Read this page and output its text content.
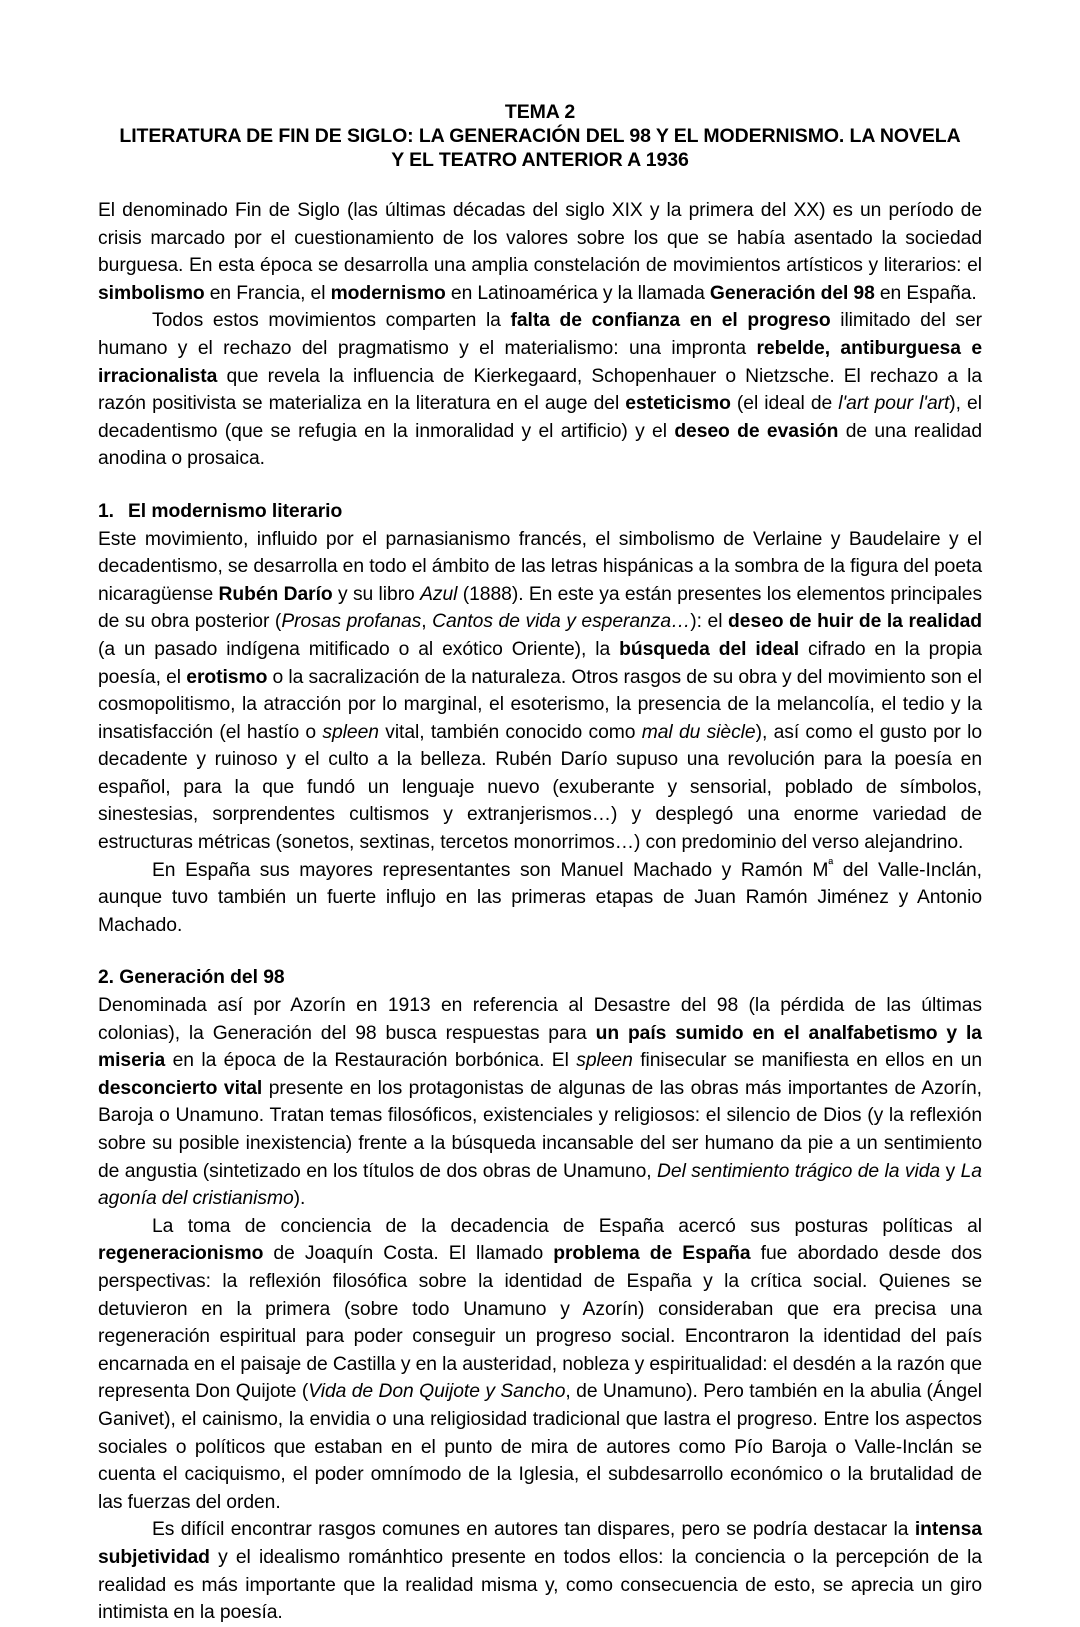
TEMA 2
LITERATURA DE FIN DE SIGLO: LA GENERACIÓN DEL 98 Y EL MODERNISMO. LA NOVELA
Y EL TEATRO ANTERIOR A 1936

El denominado Fin de Siglo (las últimas décadas del siglo XIX y la primera del XX) es un período de crisis marcado por el cuestionamiento de los valores sobre los que se había asentado la sociedad burguesa. En esta época se desarrolla una amplia constelación de movimientos artísticos y literarios: el simbolismo en Francia, el modernismo en Latinoamérica y la llamada Generación del 98 en España.

Todos estos movimientos comparten la falta de confianza en el progreso ilimitado del ser humano y el rechazo del pragmatismo y el materialismo: una impronta rebelde, antiburguesa e irracionalista que revela la influencia de Kierkegaard, Schopenhauer o Nietzsche. El rechazo a la razón positivista se materializa en la literatura en el auge del esteticismo (el ideal de l'art pour l'art), el decadentismo (que se refugia en la inmoralidad y el artificio) y el deseo de evasión de una realidad anodina o prosaica.

1. El modernismo literario

Este movimiento, influido por el parnasianismo francés, el simbolismo de Verlaine y Baudelaire y el decadentismo, se desarrolla en todo el ámbito de las letras hispánicas a la sombra de la figura del poeta nicaragüense Rubén Darío y su libro Azul (1888). En este ya están presentes los elementos principales de su obra posterior (Prosas profanas, Cantos de vida y esperanza…): el deseo de huir de la realidad (a un pasado indígena mitificado o al exótico Oriente), la búsqueda del ideal cifrado en la propia poesía, el erotismo o la sacralización de la naturaleza. Otros rasgos de su obra y del movimiento son el cosmopolitismo, la atracción por lo marginal, el esoterismo, la presencia de la melancolía, el tedio y la insatisfacción (el hastío o spleen vital, también conocido como mal du siècle), así como el gusto por lo decadente y ruinoso y el culto a la belleza. Rubén Darío supuso una revolución para la poesía en español, para la que fundó un lenguaje nuevo (exuberante y sensorial, poblado de símbolos, sinestesias, sorprendentes cultismos y extranjerismos…) y desplegó una enorme variedad de estructuras métricas (sonetos, sextinas, tercetos monorrimos…) con predominio del verso alejandrino.

En España sus mayores representantes son Manuel Machado y Ramón $M^ª$ del Valle-Inclán, aunque tuvo también un fuerte influjo en las primeras etapas de Juan Ramón Jiménez y Antonio Machado.

2. Generación del 98

Denominada así por Azorín en 1913 en referencia al Desastre del 98 (la pérdida de las últimas colonias), la Generación del 98 busca respuestas para un país sumido en el analfabetismo y la miseria en la época de la Restauración borbónica. El spleen finisecular se manifiesta en ellos en un desconcierto vital presente en los protagonistas de algunas de las obras más importantes de Azorín, Baroja o Unamuno. Tratan temas filosóficos, existenciales y religiosos: el silencio de Dios (y la reflexión sobre su posible inexistencia) frente a la búsqueda incansable del ser humano da pie a un sentimiento de angustia (sintetizado en los títulos de dos obras de Unamuno, Del sentimiento trágico de la vida y La agonía del cristianismo).

La toma de conciencia de la decadencia de España acercó sus posturas políticas al regeneracionismo de Joaquín Costa. El llamado problema de España fue abordado desde dos perspectivas: la reflexión filosófica sobre la identidad de España y la crítica social. Quienes se detuvieron en la primera (sobre todo Unamuno y Azorín) consideraban que era precisa una regeneración espiritual para poder conseguir un progreso social. Encontraron la identidad del país encarnada en el paisaje de Castilla y en la austeridad, nobleza y espiritualidad: el desdén a la razón que representa Don Quijote (Vida de Don Quijote y Sancho, de Unamuno). Pero también en la abulia (Ángel Ganivet), el cainismo, la envidia o una religiosidad tradicional que lastra el progreso. Entre los aspectos sociales o políticos que estaban en el punto de mira de autores como Pío Baroja o Valle-Inclán se cuenta el caciquismo, el poder omnímodo de la Iglesia, el subdesarrollo económico o la brutalidad de las fuerzas del orden.

Es difícil encontrar rasgos comunes en autores tan dispares, pero se podría destacar la intensa subjetividad y el idealismo románhtico presente en todos ellos: la conciencia o la percepción de la realidad es más importante que la realidad misma y, como consecuencia de esto, se aprecia un giro intimista en la poesía.
